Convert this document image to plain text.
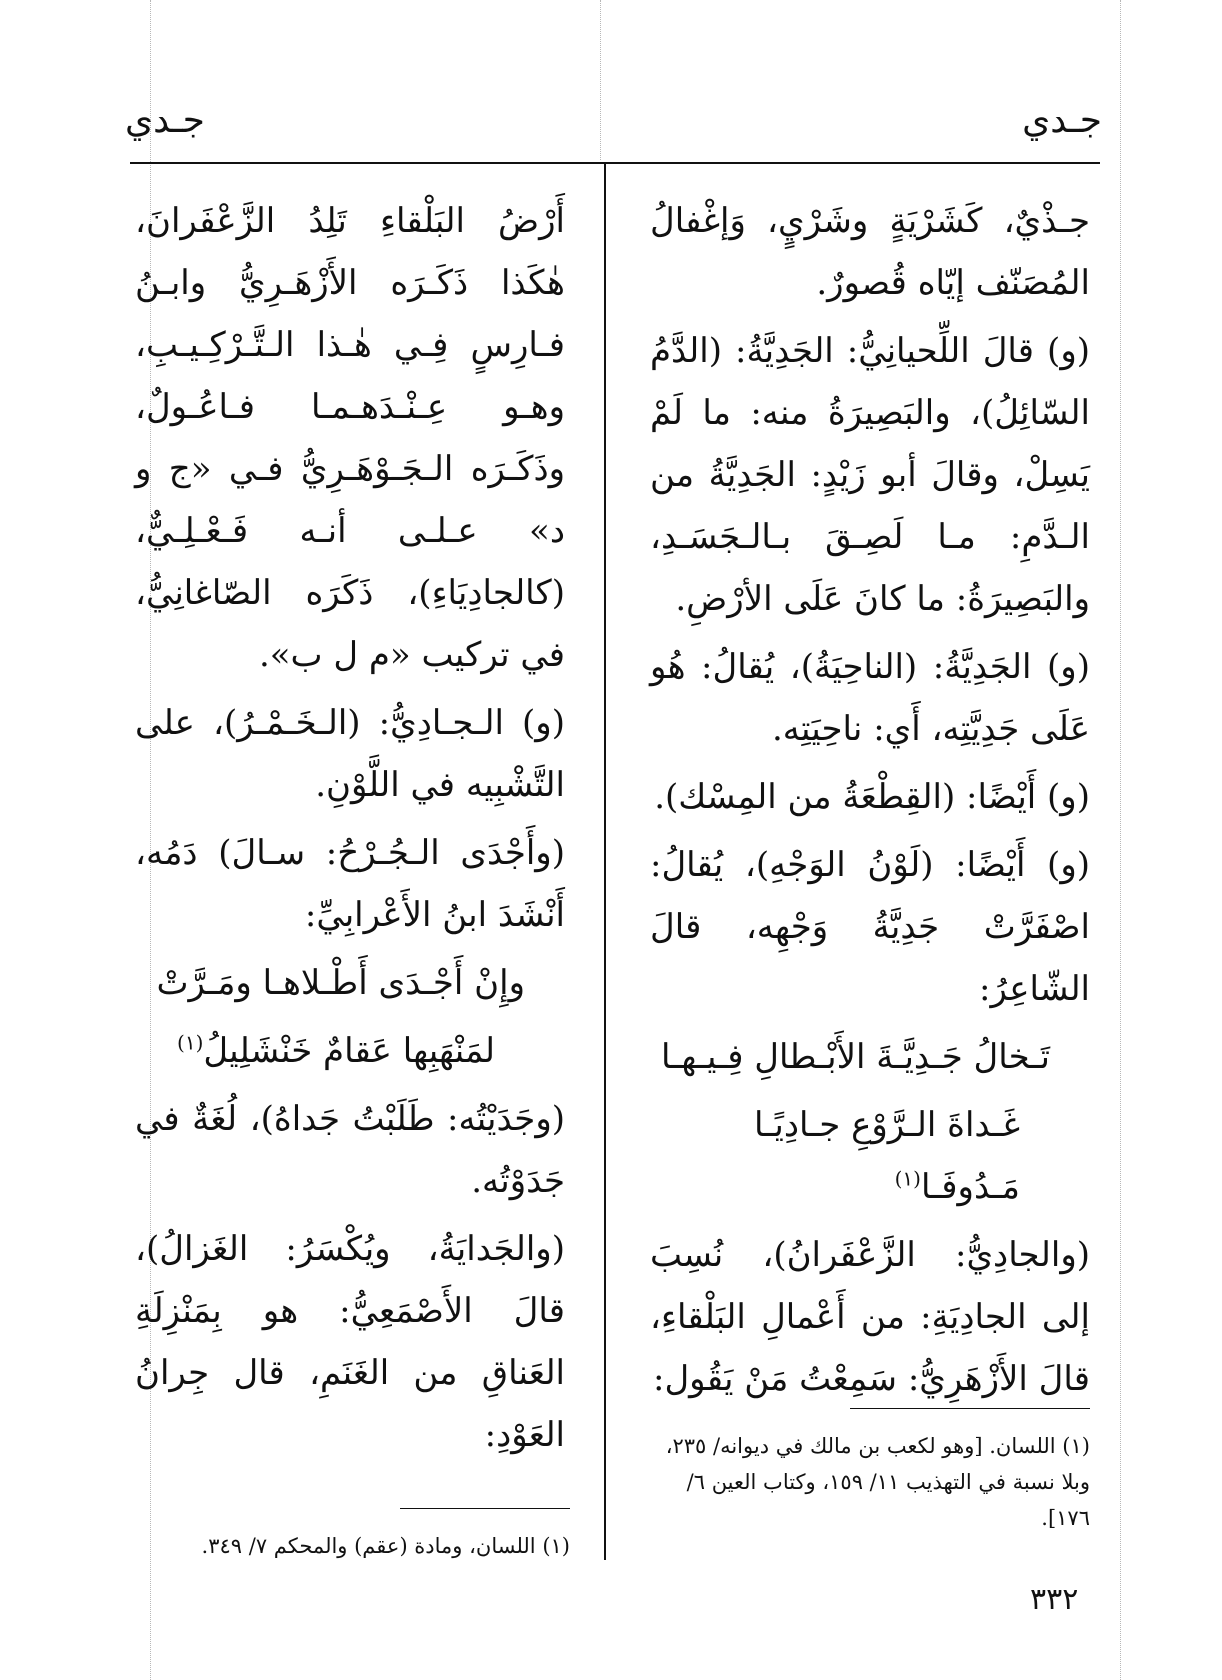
جـدي	جـدي

جـذْيٌ، كَشَرْيَةٍ وشَرْيٍ، وَإغْفالُ المُصَنّف إيّاه قُصورٌ.

(و) قالَ اللِّحيانِيُّ: الجَدِيَّةُ: (الدَّمُ السّائِلُ)، والبَصِيرَةُ منه: ما لَمْ يَسِلْ، وقالَ أبو زَيْدٍ: الجَدِيَّةُ من الـدَّمِ: مـا لَصِـقَ بـالـجَسَـدِ، والبَصِيرَةُ: ما كانَ عَلَى الأرْضِ.

(و) الجَدِيَّةُ: (الناحِيَةُ)، يُقالُ: هُو عَلَى جَدِيَّتِه، أَي: ناحِيَتِه.

(و) أَيْضًا: (القِطْعَةُ من المِسْك).

(و) أَيْضًا: (لَوْنُ الوَجْهِ)، يُقالُ: اصْفَرَّتْ جَدِيَّةُ وَجْهِه، قالَ الشّاعِرُ:

تَـخالُ جَـدِيَّـةَ الأَبْـطالِ فِـيـهـا

غَـداةَ الـرَّوْعِ جـادِيًـا مَـدُوفَـا$^{(١)}$

(والجادِيُّ: الزَّعْفَرانُ)، نُسِبَ إلى الجادِيَةِ: من أَعْمالِ البَلْقاءِ، قالَ الأَزْهَرِيُّ: سَمِعْتُ مَنْ يَقُول:

(١) اللسان. [وهو لكعب بن مالك في ديوانه/ ٢٣٥، وبلا نسبة في التهذيب ١١/ ١٥٩، وكتاب العين ٦/ ١٧٦].

أَرْضُ البَلْقاءِ تَلِدُ الزَّعْفَرانَ، هٰكَذا ذَكَـرَه الأَزْهَـرِيُّ وابـنُ فـارِسٍ فِـي هٰـذا الـتَّـرْكِـيـبِ، وهـو عِـنْـدَهـمـا فـاعُـولٌ، وذَكَـرَه الـجَـوْهَـرِيُّ فـي «ج و د» عـلـى أنـه فَـعْـلِـيٌّ، (كالجادِيَاءِ)، ذَكَرَه الصّاغانِيُّ، في تركيب «م ل ب».

(و) الـجـادِيُّ: (الـخَـمْـرُ)، على التَّشْبِيه في اللَّوْنِ.

(وأَجْدَى الـجُـرْحُ: سـالَ) دَمُه، أَنْشَدَ ابنُ الأَعْرابِيِّ:

وإِنْ أَجْـدَى أَطْـلاهـا ومَـرَّتْ

لمَنْهَبِها عَقامٌ خَنْشَلِيلُ$^{(١)}$

(وجَدَيْتُه: طَلَبْتُ جَداهُ)، لُغَةٌ في جَدَوْتُه.

(والجَدايَةُ، ويُكْسَرُ: الغَزالُ)، قالَ الأَصْمَعِيُّ: هو بِمَنْزِلَةِ العَناقِ من الغَنَمِ، قال جِرانُ العَوْدِ:

(١) اللسان، ومادة (عقم) والمحكم ٧/ ٣٤٩.
٣٣٢
